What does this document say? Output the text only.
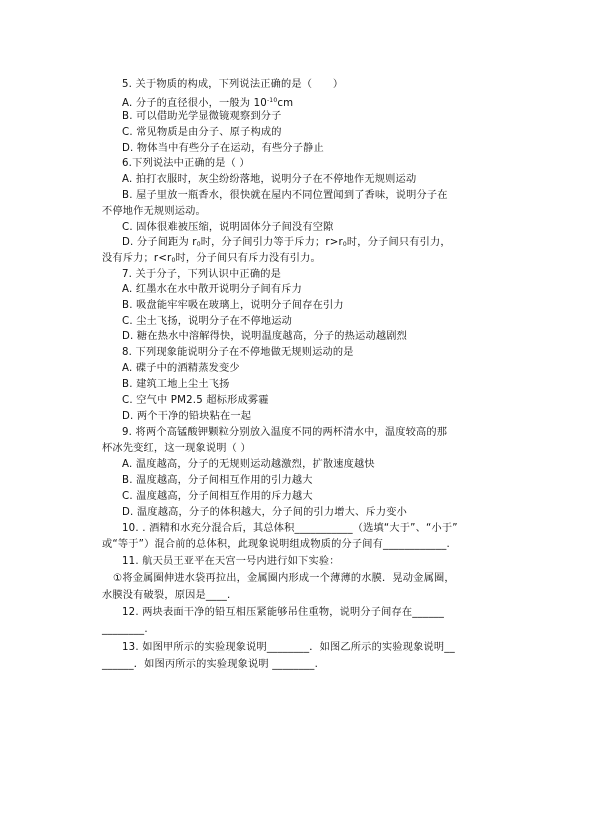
5. 关于物质的构成，下列说法正确的是（　　）
A. 分子的直径很小，一般为 $10^{-10}cm$
B. 可以借助光学显微镜观察到分子
C. 常见物质是由分子、原子构成的
D. 物体当中有些分子在运动，有些分子静止
6.下列说法中正确的是（ ）
A. 拍打衣服时，灰尘纷纷落地，说明分子在不停地作无规则运动
B. 屋子里放一瓶香水，很快就在屋内不同位置闻到了香味，说明分子在
不停地作无规则运动。
C. 固体很难被压缩，说明固体分子间没有空隙
D. 分子间距为 $r_0$时，分子间引力等于斥力；$r>r_0$时，分子间只有引力，
没有斥力；$r<r_0$时，分子间只有斥力没有引力。
7. 关于分子，下列认识中正确的是
A. 红墨水在水中散开说明分子间有斥力
B. 吸盘能牢牢吸在玻璃上，说明分子间存在引力
C. 尘土飞扬，说明分子在不停地运动
D. 糖在热水中溶解得快，说明温度越高，分子的热运动越剧烈
8. 下列现象能说明分子在不停地做无规则运动的是
A. 碟子中的酒精蒸发变少
B. 建筑工地上尘土飞扬
C. 空气中 PM2.5 超标形成雾霾
D. 两个干净的铅块粘在一起
9. 将两个高锰酸钾颗粒分别放入温度不同的两杯清水中，温度较高的那
杯冰先变红，这一现象说明（ ）
A. 温度越高，分子的无规则运动越激烈，扩散速度越快
B. 温度越高，分子间相互作用的引力越大
C. 温度越高，分子间相互作用的斥力越大
D. 温度越高，分子的体积越大，分子间的引力增大、斥力变小
10. . 酒精和水充分混合后，其总体积___________（选填“大于”、“小于”
或“等于”）混合前的总体积，此现象说明组成物质的分子间有____________.
11. 航天员王亚平在天宫一号内进行如下实验：
①将金属圈伸进水袋再拉出，金属圈内形成一个薄薄的水膜．晃动金属圈，
水膜没有破裂，原因是____.
12. 两块表面干净的铅互相压紧能够吊住重物，说明分子间存在______
________.
13. 如图甲所示的实验现象说明________．如图乙所示的实验现象说明__
______．如图丙所示的实验现象说明 ________.
